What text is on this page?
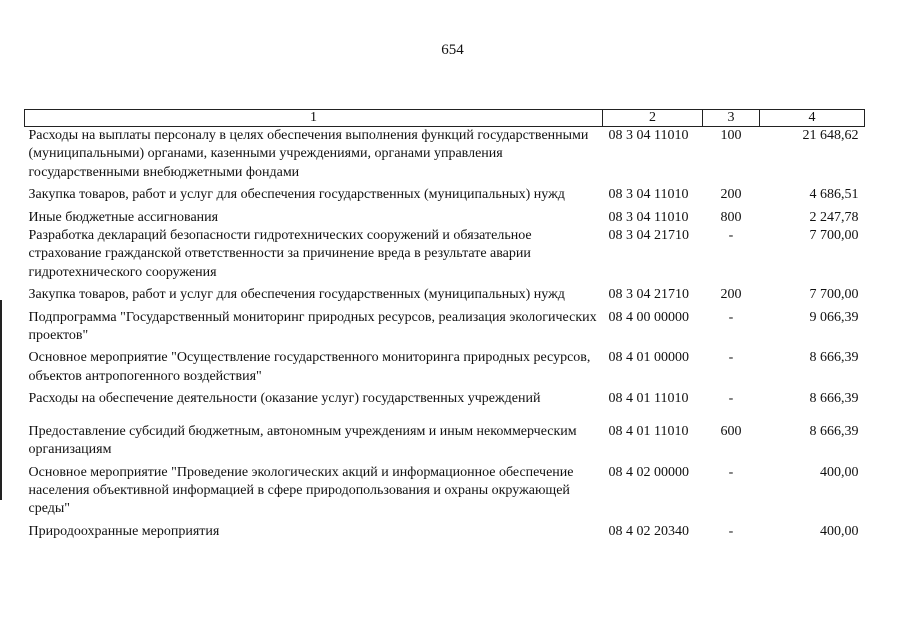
654
1	2	3	4
Расходы на выплаты персоналу в целях обеспечения выполнения функций государственными (муниципальными) органами, казенными учреждениями, органами управления государственными внебюджетными фондами	08 3 04 11010	100	21 648,62
Закупка товаров, работ и услуг для обеспечения государственных (муниципальных) нужд	08 3 04 11010	200	4 686,51
Иные бюджетные ассигнования	08 3 04 11010	800	2 247,78
Разработка деклараций безопасности гидротехнических сооружений и обязательное страхование гражданской ответственности за причинение вреда в результате аварии гидротехнического сооружения	08 3 04 21710	-	7 700,00
Закупка товаров, работ и услуг для обеспечения государственных (муниципальных) нужд	08 3 04 21710	200	7 700,00
Подпрограмма "Государственный мониторинг природных ресурсов, реализация экологических проектов"	08 4 00 00000	-	9 066,39
Основное мероприятие "Осуществление государственного мониторинга природных ресурсов, объектов антропогенного воздействия"	08 4 01 00000	-	8 666,39
Расходы на обеспечение деятельности (оказание услуг) государственных учреждений	08 4 01 11010	-	8 666,39
Предоставление субсидий бюджетным, автономным учреждениям и иным некоммерческим организациям	08 4 01 11010	600	8 666,39
Основное мероприятие "Проведение экологических акций и информационное обеспечение населения объективной информацией в сфере природопользования и охраны окружающей среды"	08 4 02 00000	-	400,00
Природоохранные мероприятия	08 4 02 20340	-	400,00
